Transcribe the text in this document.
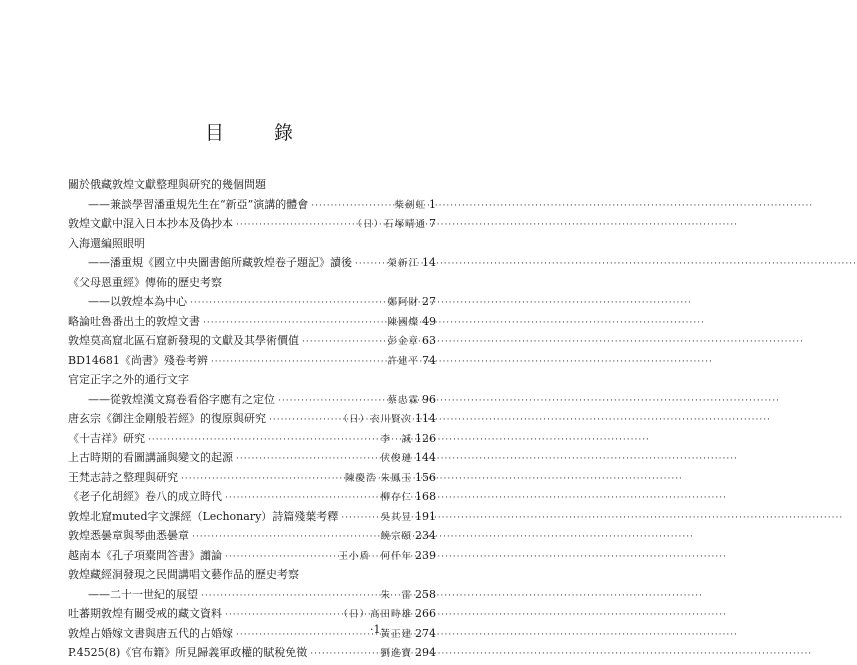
目 錄
關於俄藏敦煌文獻整理與研究的幾個問題
——兼談學習潘重規先生在“新亞”演講的體會 ·····	柴劍虹 1
敦煌文獻中混入日本抄本及偽抄本 ·····	（日）石塚晴通 7
入海還編照眼明
——潘重規《國立中央圖書館所藏敦煌卷子題記》讀後 ·····	榮新江 14
《父母恩重經》傳佈的歷史考察
——以敦煌本為中心 ·····	鄭阿財 27
略論吐魯番出土的敦煌文書 ·····	陳國燦 49
敦煌莫高窟北區石窟新發現的文獻及其學術價值 ·····	彭金章 63
BD14681《尚書》殘卷考辨 ·····	許建平 74
官定正字之外的通行文字
——從敦煌漢文寫卷看俗字應有之定位 ·····	蔡忠霖 96
唐玄宗《御注金剛般若經》的復原與研究 ·····	（日）衣川賢次 114
《十吉祥》研究 ·····	李　誠 126
上古時期的看圖講誦與變文的起源 ·····	伏俊璉 144
王梵志詩之整理與研究 ·····	陳慶浩 朱鳳玉 156
《老子化胡經》卷八的成立時代 ·····	柳存仁 168
敦煌北窟muted字文課經（Lechonary）詩篇殘葉考釋 ·····	吳其昱 191
敦煌悉曇章與琴曲悉曇章 ·····	饒宗頤 234
越南本《孔子項橐問答書》譾論 ·····	王小盾　何仟年 239
敦煌藏經洞發現之民間講唱文藝作品的歷史考察
——二十一世紀的展望 ·····	朱　雷 258
吐蕃期敦煌有關受戒的藏文資料 ·····	（日）高田時雄 266
敦煌占婚嫁文書與唐五代的占婚嫁 ·····	黃正建 274
P.4525(8)《官布籍》所見歸義軍政權的賦稅免徵 ·····	劉進寶 294
·1·
